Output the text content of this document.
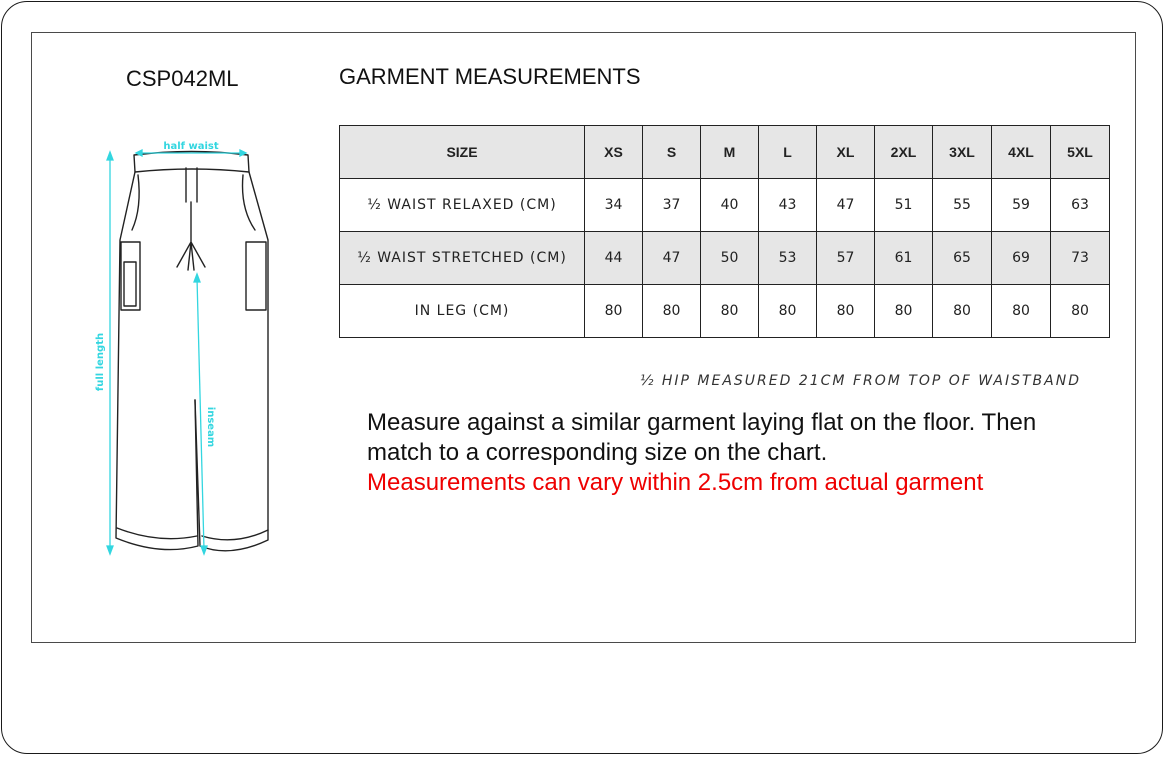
CSP042ML	GARMENT MEASUREMENTS
SIZE	XS	S	M	L	XL	2XL	3XL	4XL	5XL
½ WAIST RELAXED (CM)	34	37	40	43	47	51	55	59	63
½ WAIST STRETCHED (CM)	44	47	50	53	57	61	65	69	73
IN LEG (CM)	80	80	80	80	80	80	80	80	80
½ HIP MEASURED 21CM FROM TOP OF WAISTBAND
Measure against a similar garment laying flat on the floor. Then match to a corresponding size on the chart.
Measurements can vary within 2.5cm from actual garment
half waist
full length
inseam
